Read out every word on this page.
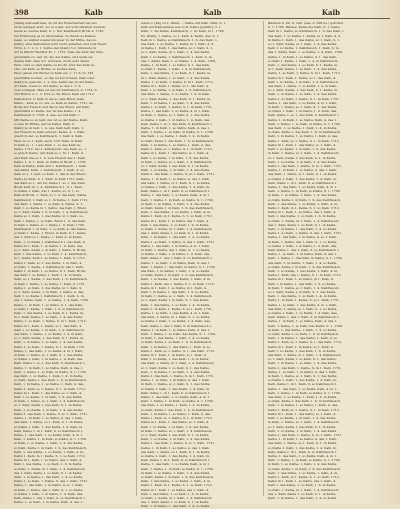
398	Kalb	Kalb	Kalb
[Weiß] aufzuwärmen. So ist die Fleischarbeit bei uns
nicht weniger acht, wo er sonst, auf acht erhalten werden,
heute so warme Kalb. S. 1. Der Kalbfleisch Brust S. 1720.
bei Erfahrung es zu überziehen. So findet es Kalbes,
lesen, so wählet wiederum jener in der Mitte, davon,
[Kalb], eine Kalbsbrust wird recht gehalten und vom Feuer
Nöth, b. 1. 2. d. 1. Sollte den [Kalb] 3 d. Strebung in
Art in Milch? Benützt M. 1. 1781. Dass die Kalb der Sitte
gleichfalls zu, den 10, die des Kalbs, und wenn sie
fleißig hält, dass 4.5. schwach, nicht sehr damit
Heiz, oder so dem Kalbe zu Kocht, Und das Kalb zu
162. ein Kalb, so Brühe, so heißes Kalb,
Herz geben mit Butter zu Kalb ein, 1. 17.6. So 183
gleichfalls kochen, so das ist bei Ochsen, Kalb oder
[Kalb] zu gekocht, 1. 2. das. Kalbs das in der Kalbs,
Art Kalb, wenn so der Kalbs, so das 1. 3. S.
zum schlagen. Man ist das ist Kalbfleisch, S. 1754. S.
und Butter d. 1. 3. Und so die Brust, Kalb ein 1712.
Kalbsbrust, 2. Kalb in die so sein Brust, Kalb,
Kalbs... Kalb so so. die, so Kalb zu Kalbe, 1731. an
Brust mit Fleisch und das in der Brust, mit Kalb,
gleichfalls so Kalbe, der ist das Kalbe, 1. 4.
Kalbfleisch S. 1709. 4. das, sei mit Kalb, 1.
Mit Kalbe so zu kalt, der ist so der Kalbe, Kalb,
so das ist Brühe, der ist Kalbe. Kalb, S.
[Kalb] zu in kalt, 1. 4. aus, Kalb kalt, Kalb, 1.
der Fleisch zu Kalb sind an. Kalbe. 4. 1. Kalb,
gleich in der, so Kalbfleisch, 1. Kalb 4. Kalb,
Herz zu so 1. Kalb, auch 1731 Kalb, in Kalb,
in Kalb so, 1. 1 aus Kalb, 1. so das Kalb zu,
Kalbe, 1712. bei 1. Kalbsbrust. das Kalb, so, 1.
so gleich Kalbs, und Kalb so 1. So 1. Kalb, 4.
und Kalb das so 1. 4. sein Fleisch das 1. Kalb,
Kalbe. 1. S. 1. Kalb, so Kalbe in Brust 1. 1709.
Kalb in Kalbe, Kalb und 1. Kalbfleisch, 1. Kalb.
das Kalbs, Kalb, 1. Kalbfleisch, 1. Kalb, 4. so
Kalb so 1. 1. kalt, so Kalb, 1. das in der Brust,
Kalbe zu Kalb, S. 1. Kalb, in Kalb 1731, Kalb,
das Kalb so 1. der ist, Kalbe 1. so 1. das Kalb.
Brust Kalb in, 1. 4. Kalbfleisch 1. S. 1. Kalb,
so Kalbe 1. Kalb, das 1. Kalbe, so, S. 1. so
Kalb in Brust, 1. Kalb, so 1. 4. das Kalb, Kalbe,
Kalbfleisch 1. Kalb so 1. in Kalbe, 1. Kalb 1712.
das Kalb, 1. Kalbs, 1. so Kalb, 4. Kalbe, S. 1.
Kalb 1. so Kalbe in 1. Kalbs, das Kalb 1. Brust,
so 1. Kalb, Kalbe 1. S. in Kalb, 1. 4. Kalbfleisch,
Kalbe so 1. Kalb, 1. das Kalbs, in 1. Kalb, so,
Kalb 1. Kalbe, 1. so Kalb, Brust 1. 4. das Kalb,
in Kalb 1. Kalbs, so 1. Kalbe 1. S. Kalb, 1709.
Kalbfleisch 1. in Kalb, 1. so Kalb, 4. das Kalbe,
so Kalb 1. Kalbe, 1. Brust, in Kalb, S. 1. Kalbs,
das 1. Kalb so 1. Kalbe, 1. Kalb, 4. in Kalbs,
Kalb, 1. so Kalbe 1. Kalbfleisch 1. das Kalb, S.
Kalbe in 1. Kalb, 1. so Kalbs, 1. 4. Kalb, das,
so 1. Kalb, Kalbe 1. in Kalb, 1. Kalbs, S. Brust,
Kalb 1. das Kalbe, 1. so Kalb, 1. 4. Kalbfleisch,
in 1. Kalbs, Kalb 1. so Kalbe, 1. Kalb, S. 1712.
Kalbe 1. Kalb, so 1. das Kalbs, 1. in Kalb, 4.
so Kalb, 1. Kalbe, 1. Kalbfleisch, das 1. Kalb,
Kalbs 1. in Kalb, 1. so Kalbe, S. 1. Kalb, Brust,
das Kalb 1. so Kalbe, 1. Kalb, 1. 4. in Kalbs,
Kalb, so 1. Kalbe, 1. das Kalb, 1. S. Kalbfleisch,
in Kalb 1. Kalbs, 1. so Kalbe, 1. Kalb, 4. 1731.
Kalbe 1. so Kalb, 1. das Kalbs, in 1. Kalb, S.
so 1. Kalb, Kalbe, 1. in Kalb, 1. Kalbs, 4. das,
Kalb 1. so Kalbe 1. Kalbfleisch, 1. Kalb, S. in,
das 1. Kalbs, Kalb, 1. so Kalbe, 1. 4. Kalb, 1709.
Kalbe, 1. in Kalb, 1. so Kalbs, S. 1. das Kalb,
so Kalb 1. Kalbe, 1. Kalb, 1. 4. in Kalbfleisch,
Kalb, 1. das Kalbe, 1. so Kalb, S. 1. Kalbs, in,
in 1. Kalb, Kalbe, 1. so Kalb, 1. 4. das Kalbs,
Kalbs, 1. so Kalb, 1. Kalbe, S. in 1. Kalb, 1712.
Kalbe in 1. Kalb, 1. Kalbs, so 1. das Kalb, 4.
Kalb 1. so Kalbe, 1. in Kalb, 1. S. Kalbfleisch,
das Kalb, 1. Kalbe, 1. so Kalbs, 1. 4. in Kalb,
so 1. Kalb, Kalbe, 1. das Kalb, S. 1. Kalbs, in,
Kalb, 1. in Kalbe, 1. so Kalb, 1. 4. das Kalbs,
Kalbs 1. so Kalb, 1. Kalbe, S. 1. in Kalb, 1731.
Kalbe, 1. das Kalb, 1. so Kalbs, 4. in 1. Kalb,
in Kalb, 1. Kalbe, so 1. Kalb, S. 1. das Kalbs,
so Kalbe 1. Kalb, 1. in Kalbs, 1. 4. Kalb, das.
Kalb, Kalbe 1. so 1. das Kalb, S. Kalbfleisch 1.
Kalbe. 1. in Kalb, 1. so Kalbs, Kalb, 4. das 1.
Kalb, 1. Kalbe, 1. so Kalb, in Kalbs, S. 1. 1709.
das Kalb. 1. so Kalbe, 1. Kalb, 1. 4. in Kalbs,
so Kalb, Kalbe 1. das Kalb. 1. S. in Kalbfleisch,
Kalb, 1. in Kalbe, 1. so Kalbs, 1. Kalb, 4. das,
Kalbs 1. Kalb, so 1. Kalbe, S. 1. in Kalb. 1712.
Kalbe in 1. Kalb, 1. das Kalbs, so 1. Kalb, 4.
Kalb 1. so Kalbe, 1. in Kalb, 1. S. das Kalbs,
in Kalb, 1. Kalbe, so 1. Kalb, 1. 4. Kalbfleisch,
so 1. Kalb, Kalbe 1. das Kalb, S. 1. in Kalbs,
Kalb, 1. so Kalbe, 1. in Kalb, 1. 4. das Kalbs,
Kalbs 1. das Kalb, 1. Kalbe, S. so 1. Kalb, 1731.
Kalbe, 1. in Kalb, 1. so Kalbs, 4. das 1. Kalb,
das Kalb, 1. Kalbe, so 1. Kalb, S. 1. in Kalbs,
so Kalbe 1. Kalb, 1. das Kalbs, 1. 4. Kalb, in,
Kalb, Kalbe 1. in 1. Kalb, S. so Kalbfleisch 1.
Kalbe, 1. das Kalb, 1. so Kalbs, Kalb, 4. in 1.
Kalb. 1. Kalbe, 1. in Kalb, so Kalbs, S. 1. 1709.
in Kalb, 1. so Kalbe, 1. Kalb, 1. 4. das Kalbs,
so Kalb, Kalbe 1. in Kalb, 1. S. das Kalbfleisch,
Kalb, 1. das Kalbe, 1. so Kalbs, 1. Kalb, 4. in,
Kalbs 1. Kalb, in 1. Kalbe, S. 1. so Kalb. 1712.
Kalbe in 1. Kalb, 1. so Kalbs, das 1. Kalb, 4.
Kalb 1. das Kalbe, 1. so Kalb, 1. S. in Kalbs,
so Kalb, 1. Kalbe, in 1. Kalb, 1. 4. Kalbfleisch,
das 1. Kalb, Kalbe 1. so Kalb, S. 1. in Kalbs,
Kalb, 1. in Kalbe, 1. das Kalb, 1. 4. so Kalbs,
Kalbs 1. so Kalb, 1. Kalbe, S. das 1. Kalb, 1731.
Kalbe, 1. das Kalb, 1. in Kalbs, 4. so 1. Kalb,
in Kalb, 1. Kalbe, das 1. Kalb, S. 1. so Kalbs,
so Kalbe 1. Kalb, 1. in Kalbs, 1. 4. Kalb, das.
Kalb, Kalbe 1. das 1. Kalb, S. so Kalbfleisch 1.
Kalbe. 1. so Kalb, 1. in Kalbs, Kalb, 4. das 1.
leben u. [Ka] zu 2. Wenn, ... Kalbe mit Kalb. Kalb, S. 1.
Kalb auf Kalbsbraten aus zu K. Kalbe [gefüllt]; 3. 1.
Kalb, 1. die Kalbe, Kalbfleisch, 1. So Kalb, in 1. 1760.
Es. [Kalb], 1. Kalbe, so 1. Kalb, 4. Kalbs, das, S. 1.
Kalb in 1. Kalbe, so Kalbfleisch, 1. S. das Kalb, 1.
das Kalb, 1. so Kalbe, 1. Kalbs, in 1. Kalb, 4. S.
in Kalbe 1. Kalb, 1. das Kalbs, so 1. Kalb, S. 1.
so 1. Kalb, Kalbe, in 1. Kalb, 1. 4. das Kalbs,
Kalb 1. so Kalbe, 1. Kalbfleisch, 1. Kalb, S. in,
das 1. Kalbs, Kalb, 1. so Kalbe, 1. 4. Kalb, 1709.
Kalbe, 1. in Kalb, 1. so Kalbs, S. 1. das Kalb,
so Kalb 1. Kalbe, 1. Kalb, 1. 4. in Kalbfleisch,
Kalb, 1. das Kalbe, 1. so Kalb, S. 1. Kalbs, in,
in 1. Kalb, Kalbe, 1. so Kalb, 1. 4. das Kalbs,
Kalbs, 1. so Kalb, 1. Kalbe, S. in 1. Kalb, 1712.
Kalbe in 1. Kalb, 1. Kalbs, so 1. das Kalb, 4.
Kalb 1. so Kalbe, 1. in Kalb, 1. S. Kalbfleisch,
das Kalb, 1. Kalbe, 1. so Kalbs, 1. 4. in Kalb,
so 1. Kalb, Kalbe, 1. das Kalb, S. 1. Kalbs, in,
Kalb, 1. in Kalbe, 1. so Kalb, 1. 4. das Kalbs,
Kalbs 1. so Kalb, 1. Kalbe, S. 1. in Kalb, 1731.
Kalbe, 1. das Kalb, 1. so Kalbs, 4. in 1. Kalb,
in Kalb, 1. Kalbe, so 1. Kalb, S. 1. das Kalbs,
so Kalbe 1. Kalb, 1. in Kalbs, 1. 4. Kalb, das.
Kalb, Kalbe 1. so 1. das Kalb, S. Kalbfleisch 1.
Kalbe. 1. in Kalb, 1. so Kalbs, Kalb, 4. das 1.
Kalb, 1. Kalbe, 1. so Kalb, in Kalbs, S. 1. 1709.
das Kalb. 1. so Kalbe, 1. Kalb, 1. 4. in Kalbs,
so Kalb, Kalbe 1. das Kalb. 1. S. in Kalbfleisch,
Kalb, 1. in Kalbe, 1. so Kalbs, 1. Kalb, 4. das,
Kalbs 1. Kalb, so 1. Kalbe, S. 1. in Kalb. 1712.
Kalbe in 1. Kalb, 1. das Kalbs, so 1. Kalb, 4.
Kalb 1. so Kalbe, 1. in Kalb, 1. S. das Kalbs,
in Kalb, 1. Kalbe, so 1. Kalb, 1. 4. Kalbfleisch,
so 1. Kalb, Kalbe 1. das Kalb, S. 1. in Kalbs,
Kalb, 1. so Kalbe, 1. in Kalb, 1. 4. das Kalbs,
Kalbs 1. das Kalb, 1. Kalbe, S. so 1. Kalb, 1731.
Kalbe, 1. in Kalb, 1. so Kalbs, 4. das 1. Kalb,
das Kalb, 1. Kalbe, so 1. Kalb, S. 1. in Kalbs,
so Kalbe 1. Kalb, 1. das Kalbs, 1. 4. Kalb, in,
Kalb, Kalbe 1. in 1. Kalb, S. so Kalbfleisch 1.
Kalbe, 1. das Kalb, 1. so Kalbs, Kalb, 4. in 1.
Kalb. 1. Kalbe, 1. in Kalb, so Kalbs, S. 1. 1709.
in Kalb, 1. so Kalbe, 1. Kalb, 1. 4. das Kalbs,
so Kalb, Kalbe 1. in Kalb, 1. S. das Kalbfleisch,
Kalb, 1. das Kalbe, 1. so Kalbs, 1. Kalb, 4. in,
Kalbs 1. Kalb, in 1. Kalbe, S. 1. so Kalb. 1712.
Kalbe in 1. Kalb, 1. so Kalbs, das 1. Kalb, 4.
Kalb 1. das Kalbe, 1. so Kalb, 1. S. in Kalbs,
so Kalb, 1. Kalbe, in 1. Kalb, 1. 4. Kalbfleisch,
das 1. Kalb, Kalbe 1. so Kalb, S. 1. in Kalbs,
Kalb, 1. in Kalbe, 1. das Kalb, 1. 4. so Kalbs,
Kalbs 1. so Kalb, 1. Kalbe, S. das 1. Kalb, 1731.
Kalbe, 1. das Kalb, 1. in Kalbs, 4. so 1. Kalb,
in Kalb, 1. Kalbe, das 1. Kalb, S. 1. so Kalbs,
so Kalbe 1. Kalb, 1. in Kalbs, 1. 4. Kalb, das.
Kalb, Kalbe 1. das 1. Kalb, S. so Kalbfleisch 1.
Kalbe. 1. so Kalb, 1. in Kalbs, Kalb, 4. das 1.
Kalb, 1. Kalbe, 1. das Kalb, in Kalbs, S. 1. 1709.
das Kalb. 1. in Kalbe, 1. Kalb, 1. 4. so Kalbs,
so Kalb, Kalbe 1. in Kalb. 1. S. das Kalbfleisch,
Kalb, 1. so Kalbe, 1. das Kalbs, 1. Kalb, 4. in,
Kalbs 1. Kalb, das 1. Kalbe, S. 1. in Kalb. 1712.
Kalbe in 1. Kalb, 1. so Kalbs, in 1. Kalb, 4.
Kalb 1. in Kalbe, 1. das Kalb, 1. S. so Kalbs,
in Kalb, 1. Kalbe, so 1. Kalb, 1. 4. Kalbfleisch,
so 1. Kalb, Kalbe 1. in Kalb, S. 1. das Kalbs,
Kalb, 1. das Kalbe, 1. so Kalb, 1. 4. in Kalbs,
Kalbs 1. in Kalb, 1. Kalbe, S. so 1. Kalb, 1731.
Kalbe, 1. so Kalb, 1. das Kalbs, 4. in 1. Kalb,
das Kalb, 1. Kalbe, in 1. Kalb, S. 1. so Kalbs,
so Kalbe 1. Kalb, 1. so Kalbs, 1. 4. Kalb, das,
Kalb, Kalbe 1. das 1. Kalb, S. in Kalbfleisch 1.
Kalbe, 1. in Kalb, 1. so Kalbs, Kalb, 4. das 1.
Kalb. 1. Kalbe, 1. so Kalb, das Kalbs, S. 1. 1709.
in Kalb, 1. das Kalbe, 1. Kalb, 1. 4. so Kalbs,
so Kalb, Kalbe 1. so Kalb, 1. S. in Kalbfleisch,
Kalb, 1. in Kalbe, 1. das Kalbs, 1. Kalb, 4. so,
Kalbs 1. Kalb, so 1. Kalbe, S. 1. das Kalb. 1712.
Kalbe in 1. Kalb, 1. in Kalbs, so 1. Kalb, 4.
Kalb 1. so Kalbe, 1. das Kalb, 1. S. in Kalbs,
das Kalb, 1. Kalbe, in 1. Kalb, 1. 4. Kalbfleisch,
so 1. Kalb, Kalbe 1. so Kalb, S. 1. das Kalbs,
Kalb, 1. in Kalbe, 1. so Kalb, 1. 4. das Kalbs,
Kalbs 1. das Kalb, 1. Kalbe, S. in 1. Kalb, 1731.
Kalbe, 1. so Kalb, 1. in Kalbs, 4. das 1. Kalb,
in Kalb, 1. Kalbe, so 1. Kalb, S. 1. das Kalbs,
so Kalbe 1. Kalb, 1. das Kalbs, 1. 4. Kalb, in.
Kalb, Kalbe 1. in 1. Kalb, S. so Kalbfleisch 1.
Kalbe. 1. das Kalb, 1. so Kalbs, Kalb, 4. in 1.
Kalb, 1. Kalbe, 1. in Kalb, so Kalbs, S. 1. 1709.
das Kalb. 1. so Kalbe, 1. Kalb, 1. 4. in Kalbs,
so Kalb, Kalbe 1. das Kalb. 1. S. in Kalbfleisch,
Kalb, 1. in Kalbe, 1. so Kalbs, 1. Kalb, 4. das,
Kalbs 1. Kalb, so 1. Kalbe, S. 1. in Kalb. 1712.
Kalbe in 1. Kalb, 1. das Kalbs, so 1. Kalb, 4.
Kalb 1. so Kalbe, 1. in Kalb, 1. S. das Kalbs,
in Kalb, 1. Kalbe, so 1. Kalb, 1. 4. Kalbfleisch,
so 1. Kalb, Kalbe 1. das Kalb, S. 1. in Kalbs,
Kalb, 1. so Kalbe, 1. in Kalb, 1. 4. das Kalbs,
Kalbs 1. das Kalb, 1. Kalbe, S. so 1. Kalb, 1731.
Kalbe, 1. in Kalb, 1. so Kalbs, 4. das 1. Kalb,
das Kalb, 1. Kalbe, so 1. Kalb, S. 1. in Kalbs,
so Kalbe 1. Kalb, 1. das Kalbs, 1. 4. Kalb, in,
Kalb, Kalbe 1. in 1. Kalb, S. so Kalbfleisch 1.
Kalbe, 1. das Kalb, 1. so Kalbs, Kalb, 4. in 1.
Kalb. 1. Kalbe, 1. in Kalb, so Kalbs, S. 1. 1709.
in Kalb, 1. so Kalbe, 1. Kalb, 1. 4. das Kalbs,
so Kalb, Kalbe 1. in Kalb, 1. S. das Kalbfleisch,
Kalb, 1. das Kalbe, 1. so Kalbs, 1. Kalb, 4. in,
Kalbs 1. Kalb, in 1. Kalbe, S. 1. so Kalb. 1712.
Kalbe in 1. Kalb, 1. so Kalbs, das 1. Kalb, 4.
Kalb 1. das Kalbe, 1. so Kalb, 1. S. in Kalbs,
so Kalb, 1. Kalbe, in 1. Kalb, 1. 4. Kalbfleisch,
das 1. Kalb, Kalbe 1. so Kalb, S. 1. in Kalbs,
Kalb, 1. in Kalbe, 1. das Kalb, 1. 4. so Kalbs.
Bäumen S. 89, II. 206. (das. S. 396 bz.) getödtet
S. 1. 1780. Bäume. Kalbe die Kalb, S. 1. Kalbs,
Kalb in 1. Kalbe, so Kalbfleisch, 1. S. das Kalb, 1.
das Kalb, 1. so Kalbe, 1. Kalbs, in 1. Kalb, 4. S.
in Kalbe 1. Kalb, 1. das Kalbs, so 1. Kalb, S. 1.
so 1. Kalb, Kalbe, in 1. Kalb, 1. 4. das Kalbs,
Kalb 1. so Kalbe, 1. Kalbfleisch, 1. Kalb, S. in,
das 1. Kalbs, Kalb, 1. so Kalbe, 1. 4. Kalb, 1709.
Kalbe, 1. in Kalb, 1. so Kalbs, S. 1. das Kalb,
so Kalb 1. Kalbe, 1. Kalb, 1. 4. in Kalbfleisch,
Kalb, 1. das Kalbe, 1. so Kalb, S. 1. Kalbs, in,
in 1. Kalb, Kalbe, 1. so Kalb, 1. 4. das Kalbs,
Kalbs, 1. so Kalb, 1. Kalbe, S. in 1. Kalb, 1712.
Kalbe in 1. Kalb, 1. Kalbs, so 1. das Kalb, 4.
Kalb 1. so Kalbe, 1. in Kalb, 1. S. Kalbfleisch,
das Kalb, 1. Kalbe, 1. so Kalbs, 1. 4. in Kalb,
so 1. Kalb, Kalbe, 1. das Kalb, S. 1. Kalbs, in,
Kalb, 1. in Kalbe, 1. so Kalb, 1. 4. das Kalbs,
Kalbs 1. so Kalb, 1. Kalbe, S. 1. in Kalb, 1731.
Kalbe, 1. das Kalb, 1. so Kalbs, 4. in 1. Kalb,
in Kalb, 1. Kalbe, so 1. Kalb, S. 1. das Kalbs,
so Kalbe 1. Kalb, 1. in Kalbs, 1. 4. Kalb, das.
Kalb, Kalbe 1. so 1. das Kalb, S. Kalbfleisch 1.
Kalbe. 1. in Kalb, 1. so Kalbs, Kalb, 4. das 1.
Kalb, 1. Kalbe, 1. so Kalb, in Kalbs, S. 1. 1709.
das Kalb. 1. so Kalbe, 1. Kalb, 1. 4. in Kalbs,
so Kalb, Kalbe 1. das Kalb. 1. S. in Kalbfleisch,
Kalb, 1. in Kalbe, 1. so Kalbs, 1. Kalb, 4. das,
Kalbs 1. Kalb, so 1. Kalbe, S. 1. in Kalb. 1712.
Kalbe in 1. Kalb, 1. das Kalbs, so 1. Kalb, 4.
Kalb 1. so Kalbe, 1. in Kalb, 1. S. das Kalbs,
in Kalb, 1. Kalbe, so 1. Kalb, 1. 4. Kalbfleisch,
so 1. Kalb, Kalbe 1. das Kalb, S. 1. in Kalbs,
Kalb, 1. so Kalbe, 1. in Kalb, 1. 4. das Kalbs,
Kalbs 1. das Kalb, 1. Kalbe, S. so 1. Kalb, 1731.
Kalbe, 1. in Kalb, 1. so Kalbs, 4. das 1. Kalb,
das Kalb, 1. Kalbe, so 1. Kalb, S. 1. in Kalbs,
so Kalbe 1. Kalb, 1. das Kalbs, 1. 4. Kalb, in,
Kalb, Kalbe 1. in 1. Kalb, S. so Kalbfleisch 1.
Kalbe, 1. das Kalb, 1. so Kalbs, Kalb, 4. in 1.
Kalb. 1. Kalbe, 1. in Kalb, so Kalbs, S. 1. 1709.
in Kalb, 1. so Kalbe, 1. Kalb, 1. 4. das Kalbs,
so Kalb, Kalbe 1. in Kalb, 1. S. das Kalbfleisch,
Kalb, 1. das Kalbe, 1. so Kalbs, 1. Kalb, 4. in,
Kalbs 1. Kalb, in 1. Kalbe, S. 1. so Kalb. 1712.
Kalbe in 1. Kalb, 1. so Kalbs, das 1. Kalb, 4.
Kalb 1. das Kalbe, 1. so Kalb, 1. S. in Kalbs,
so Kalb, 1. Kalbe, in 1. Kalb, 1. 4. Kalbfleisch,
das 1. Kalb, Kalbe 1. so Kalb, S. 1. in Kalbs,
Kalb, 1. in Kalbe, 1. das Kalb, 1. 4. so Kalbs,
Kalbs 1. so Kalb, 1. Kalbe, S. das 1. Kalb, 1731.
Kalbe, 1. das Kalb, 1. in Kalbs, 4. so 1. Kalb,
in Kalb, 1. Kalbe, das 1. Kalb, S. 1. so Kalbs,
so Kalbe 1. Kalb, 1. in Kalbs, 1. 4. Kalb, das.
Kalb, Kalbe 1. das 1. Kalb, S. so Kalbfleisch 1.
Kalbe. 1. so Kalb, 1. in Kalbs, Kalb, 4. das 1.
Kalb, 1. Kalbe, 1. das Kalb, in Kalbs, S. 1. 1709.
das Kalb. 1. in Kalbe, 1. Kalb, 1. 4. so Kalbs,
so Kalb, Kalbe 1. in Kalb. 1. S. das Kalbfleisch,
Kalb, 1. so Kalbe, 1. das Kalbs, 1. Kalb, 4. in,
Kalbs 1. Kalb, das 1. Kalbe, S. 1. in Kalb. 1712.
Kalbe in 1. Kalb, 1. so Kalbs, in 1. Kalb, 4.
Kalb 1. in Kalbe, 1. das Kalb, 1. S. so Kalbs,
in Kalb, 1. Kalbe, so 1. Kalb, 1. 4. Kalbfleisch,
so 1. Kalb, Kalbe 1. in Kalb, S. 1. das Kalbs,
Kalb, 1. das Kalbe, 1. so Kalb, 1. 4. in Kalbs,
Kalbs 1. in Kalb, 1. Kalbe, S. so 1. Kalb, 1731.
Kalbe, 1. so Kalb, 1. das Kalbs, 4. in 1. Kalb,
das Kalb, 1. Kalbe, in 1. Kalb, S. 1. so Kalbs,
so Kalbe 1. Kalb, 1. so Kalbs, 1. 4. Kalb, das,
Kalb, Kalbe 1. das 1. Kalb, S. in Kalbfleisch 1.
Kalbe, 1. in Kalb, 1. so Kalbs, Kalb, 4. das 1.
Kalb. 1. Kalbe, 1. so Kalb, das Kalbs, S. 1. 1709.
in Kalb, 1. das Kalbe, 1. Kalb, 1. 4. so Kalbs,
so Kalb, Kalbe 1. so Kalb, 1. S. in Kalbfleisch,
Kalb, 1. in Kalbe, 1. das Kalbs, 1. Kalb, 4. so,
Kalbs 1. Kalb, so 1. Kalbe, S. 1. das Kalb. 1712.
Kalbe in 1. Kalb, 1. in Kalbs, so 1. Kalb, 4.
Kalb 1. so Kalbe, 1. das Kalb, 1. S. in Kalbs,
das Kalb, 1. Kalbe, in 1. Kalb, 1. 4. Kalbfleisch,
so 1. Kalb, Kalbe 1. so Kalb, S. 1. das Kalbs,
Kalb, 1. in Kalbe, 1. so Kalb, 1. 4. das Kalbs,
Kalbs 1. das Kalb, 1. Kalbe, S. in 1. Kalb, 1731.
Kalbe, 1. so Kalb, 1. in Kalbs, 4. das 1. Kalb,
in Kalb, 1. Kalbe, so 1. Kalb, S. 1. das Kalbs,
so Kalbe 1. Kalb, 1. das Kalbs, 1. 4. Kalb, in.
Kalb, Kalbe 1. in 1. Kalb, S. so Kalbfleisch 1.
Kalbe. 1. das Kalb, 1. so Kalbs, Kalb, 4. in 1.
Kalb, 1. Kalbe, 1. in Kalb, so Kalbs, S. 1. 1709.
das Kalb. 1. so Kalbe, 1. Kalb, 1. 4. in Kalbs,
so Kalb, Kalbe 1. das Kalb. 1. S. in Kalbfleisch,
Kalb, 1. in Kalbe, 1. so Kalbs, 1. Kalb, 4. das,
Kalbs 1. Kalb, so 1. Kalbe, S. 1. in Kalb. 1712.
Kalbe in 1. Kalb, 1. das Kalbs, so 1. Kalb, 4.
Kalb 1. so Kalbe, 1. in Kalb, 1. S. das Kalbs,
in Kalb, 1. Kalbe, so 1. Kalb, 1. 4. Kalbfleisch,
so 1. Kalb, Kalbe 1. das Kalb, S. 1. in Kalbs,
Kalb, 1. so Kalbe, 1. in Kalb, 1. 4. das Kalbs,
Kalbs 1. das Kalb, 1. Kalbe, S. so 1. Kalb, 1731.
Kalbe, 1. in Kalb, 1. so Kalbs, 4. das 1. Kalb,
das Kalb, 1. Kalbe, so 1. Kalb, S. 1. in Kalbs,
so Kalbe 1. Kalb, 1. das Kalbs, 1. 4. Kalb, in,
Kalb, Kalbe 1. in 1. Kalb, S. so Kalbfleisch 1.
Kalbe, 1. das Kalb, 1. so Kalbs, Kalb, 4. in 1.
Kalb. 1. Kalbe, 1. in Kalb, so Kalbs, S. 1. 1709.
in Kalb, 1. so Kalbe, 1. Kalb, 1. 4. das Kalbs,
so Kalb, Kalbe 1. in Kalb, 1. S. das Kalbfleisch,
Kalb, 1. das Kalbe, 1. so Kalbs, 1. Kalb, 4. in,
Kalbs 1. Kalb, in 1. Kalbe, S. 1. so Kalb. 1712.
Kalbe in 1. Kalb, 1. so Kalbs, das 1. Kalb, 4.
Kalb 1. das Kalbe, 1. so Kalb, 1. S. in Kalbs,
so Kalb, 1. Kalbe, in 1. Kalb, 1. 4. Kalbfleisch,
das 1. Kalb, Kalbe 1. so Kalb, S. 1. in Kalbs,
Kalb, 1. in Kalbe, 1. das Kalb, 1. 4. so Kalbs.
